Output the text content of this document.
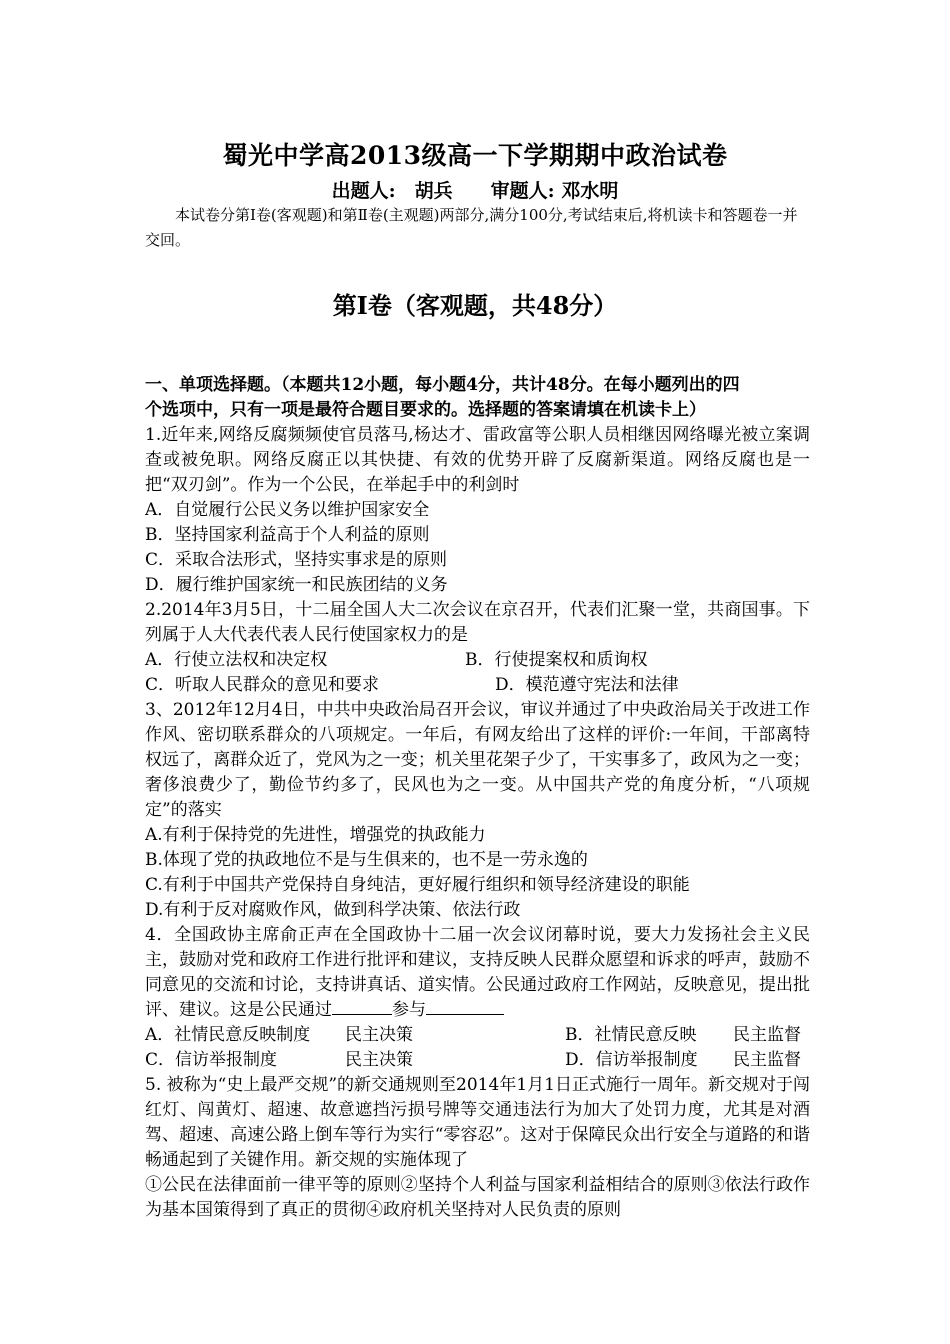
蜀光中学高2013级高一下学期期中政治试卷
出题人:　胡兵　　审题人: 邓水明
本试卷分第Ⅰ卷(客观题)和第Ⅱ卷(主观题)两部分,满分100分,考试结束后,将机读卡和答题卷一并交回。
第Ⅰ卷（客观题，共48分）
一、单项选择题。（本题共12小题，每小题4分，共计48分。在每小题列出的四
个选项中，只有一项是最符合题目要求的。选择题的答案请填在机读卡上）
1.近年来,网络反腐频频使官员落马,杨达才、雷政富等公职人员相继因网络曝光被立案调查或被免职。网络反腐正以其快捷、有效的优势开辟了反腐新渠道。网络反腐也是一把“双刃剑”。作为一个公民，在举起手中的利剑时
A．自觉履行公民义务以维护国家安全
B．坚持国家利益高于个人利益的原则
C．采取合法形式，坚持实事求是的原则
D．履行维护国家统一和民族团结的义务
2.2014年3月5日，十二届全国人大二次会议在京召开，代表们汇聚一堂，共商国事。下列属于人大代表代表人民行使国家权力的是
A．行使立法权和决定权	B．行使提案权和质询权
C．听取人民群众的意见和要求	D．模范遵守宪法和法律
3、2012年12月4日，中共中央政治局召开会议，审议并通过了中央政治局关于改进工作作风、密切联系群众的八项规定。一年后，有网友给出了这样的评价:一年间，干部离特权远了，离群众近了，党风为之一变；机关里花架子少了，干实事多了，政风为之一变；奢侈浪费少了，勤俭节约多了，民风也为之一变。从中国共产党的角度分析，“八项规定”的落实
A.有利于保持党的先进性，增强党的执政能力
B.体现了党的执政地位不是与生俱来的，也不是一劳永逸的
C.有利于中国共产党保持自身纯洁，更好履行组织和领导经济建设的职能
D.有利于反对腐败作风，做到科学决策、依法行政
4．全国政协主席俞正声在全国政协十二届一次会议闭幕时说，要大力发扬社会主义民主，鼓励对党和政府工作进行批评和建议，支持反映人民群众愿望和诉求的呼声，鼓励不同意见的交流和讨论，支持讲真话、道实情。公民通过政府工作网站，反映意见，提出批评、建议。这是公民通过	参与
A．社情民意反映制度	民主决策	B．社情民意反映	民主监督
C．信访举报制度	民主决策	D．信访举报制度	民主监督
5. 被称为“史上最严交规”的新交通规则至2014年1月1日正式施行一周年。新交规对于闯红灯、闯黄灯、超速、故意遮挡污损号牌等交通违法行为加大了处罚力度，尤其是对酒驾、超速、高速公路上倒车等行为实行“零容忍”。这对于保障民众出行安全与道路的和谐畅通起到了关键作用。新交规的实施体现了
①公民在法律面前一律平等的原则②坚持个人利益与国家利益相结合的原则③依法行政作为基本国策得到了真正的贯彻④政府机关坚持对人民负责的原则
